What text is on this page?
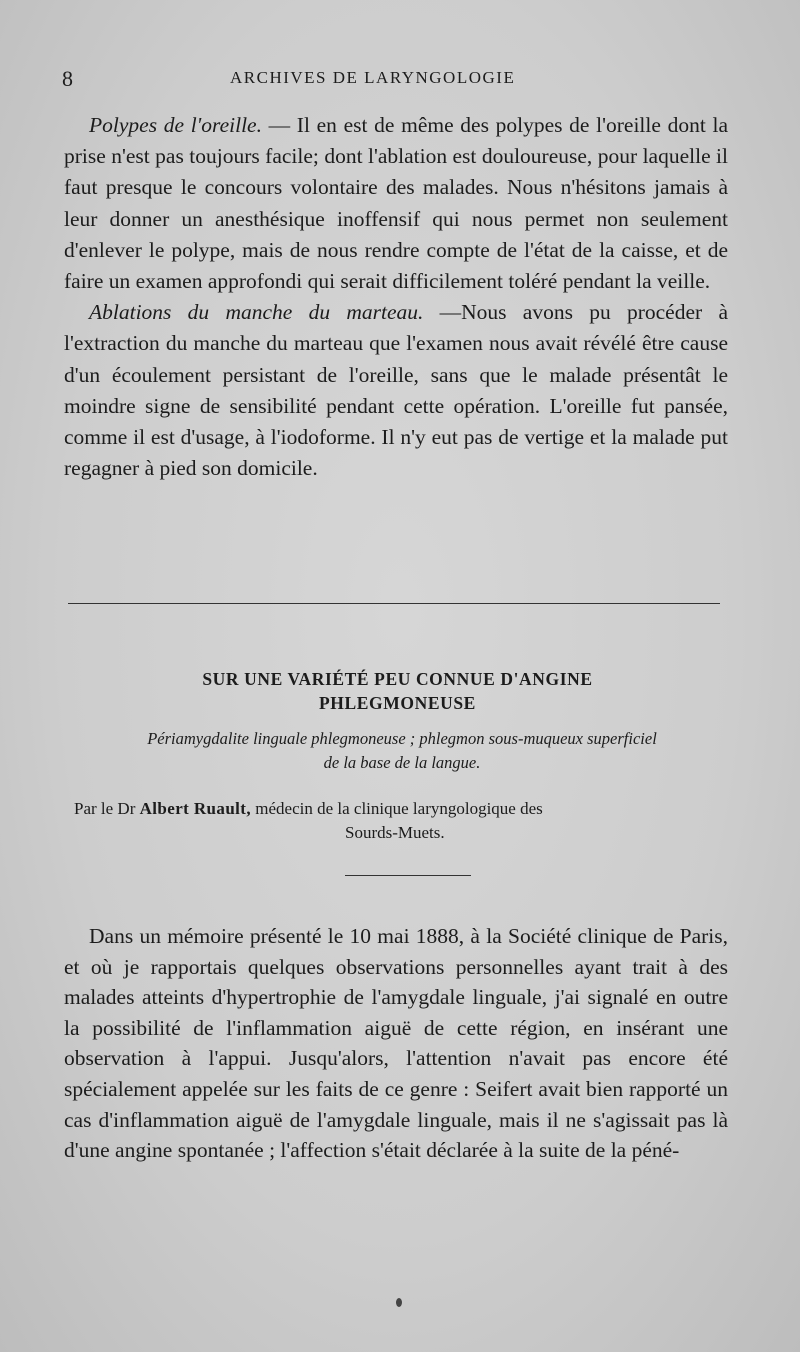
8	ARCHIVES DE LARYNGOLOGIE

Polypes de l'oreille. — Il en est de même des polypes de l'oreille dont la prise n'est pas toujours facile; dont l'ablation est douloureuse, pour laquelle il faut presque le concours volontaire des malades. Nous n'hésitons jamais à leur donner un anesthésique inoffensif qui nous permet non seulement d'enlever le polype, mais de nous rendre compte de l'état de la caisse, et de faire un examen approfondi qui serait difficilement toléré pendant la veille.

Ablations du manche du marteau. —Nous avons pu procéder à l'extraction du manche du marteau que l'examen nous avait révélé être cause d'un écoulement persistant de l'oreille, sans que le malade présentât le moindre signe de sensibilité pendant cette opération. L'oreille fut pansée, comme il est d'usage, à l'iodoforme. Il n'y eut pas de vertige et la malade put regagner à pied son domicile.

SUR UNE VARIÉTÉ PEU CONNUE D'ANGINE
PHLEGMONEUSE
Périamygdalite linguale phlegmoneuse ; phlegmon sous-muqueux superficiel
de la base de la langue.
Par le Dr Albert Ruault, médecin de la clinique laryngologique des
Sourds-Muets.

Dans un mémoire présenté le 10 mai 1888, à la Société clinique de Paris, et où je rapportais quelques observations personnelles ayant trait à des malades atteints d'hypertrophie de l'amygdale linguale, j'ai signalé en outre la possibilité de l'inflammation aiguë de cette région, en insérant une observation à l'appui. Jusqu'alors, l'attention n'avait pas encore été spécialement appelée sur les faits de ce genre : Seifert avait bien rapporté un cas d'inflammation aiguë de l'amygdale linguale, mais il ne s'agissait pas là d'une angine spontanée ; l'affection s'était déclarée à la suite de la péné-
